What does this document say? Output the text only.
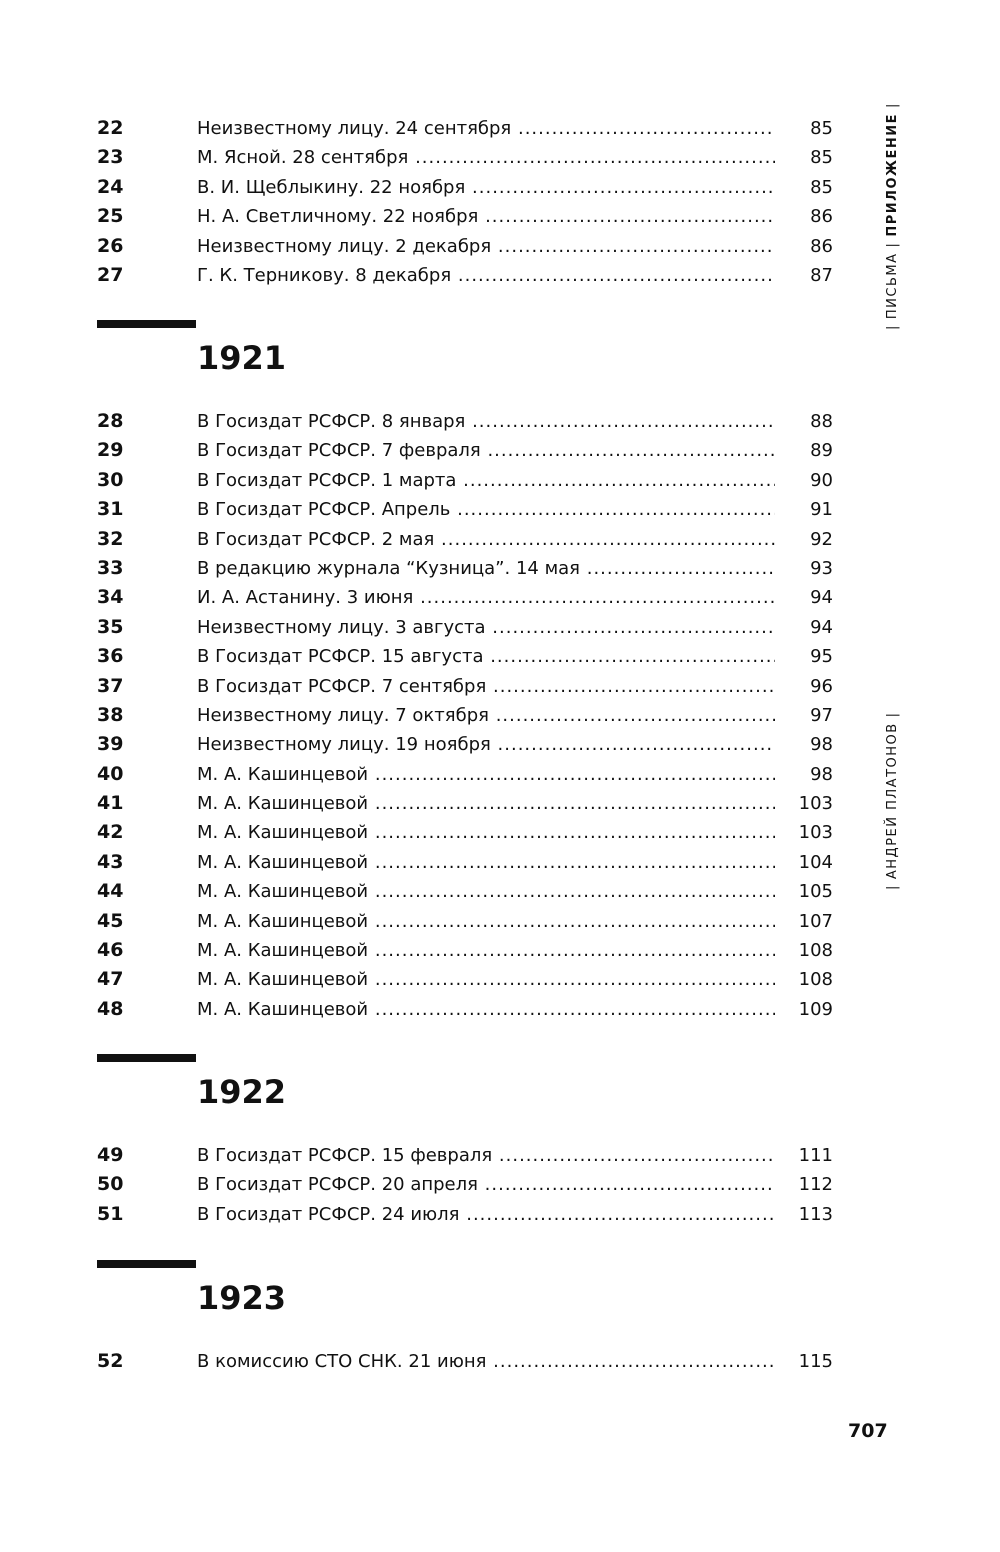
22	Неизвестному лицу. 24 сентября .....	85
23	М. Ясной. 28 сентября .....	85
24	В. И. Щеблыкину. 22 ноября .....	85
25	Н. А. Светличному. 22 ноября .....	86
26	Неизвестному лицу. 2 декабря .....	86
27	Г. К. Терникову. 8 декабря .....	87
1921
28	В Госиздат РСФСР. 8 января .....	88
29	В Госиздат РСФСР. 7 февраля .....	89
30	В Госиздат РСФСР. 1 марта .....	90
31	В Госиздат РСФСР. Апрель .....	91
32	В Госиздат РСФСР. 2 мая .....	92
33	В редакцию журнала “Кузница”. 14 мая .....	93
34	И. А. Астанину. 3 июня .....	94
35	Неизвестному лицу. 3 августа .....	94
36	В Госиздат РСФСР. 15 августа .....	95
37	В Госиздат РСФСР. 7 сентября .....	96
38	Неизвестному лицу. 7 октября .....	97
39	Неизвестному лицу. 19 ноября .....	98
40	М. А. Кашинцевой .....	98
41	М. А. Кашинцевой .....	103
42	М. А. Кашинцевой .....	103
43	М. А. Кашинцевой .....	104
44	М. А. Кашинцевой .....	105
45	М. А. Кашинцевой .....	107
46	М. А. Кашинцевой .....	108
47	М. А. Кашинцевой .....	108
48	М. А. Кашинцевой .....	109
1922
49	В Госиздат РСФСР. 15 февраля .....	111
50	В Госиздат РСФСР. 20 апреля .....	112
51	В Госиздат РСФСР. 24 июля .....	113
1923
52	В комиссию СТО СНК. 21 июня .....	115
|ПИСЬМА|ПРИЛОЖЕНИЕ|
|АНДРЕЙ ПЛАТОНОВ|
707
